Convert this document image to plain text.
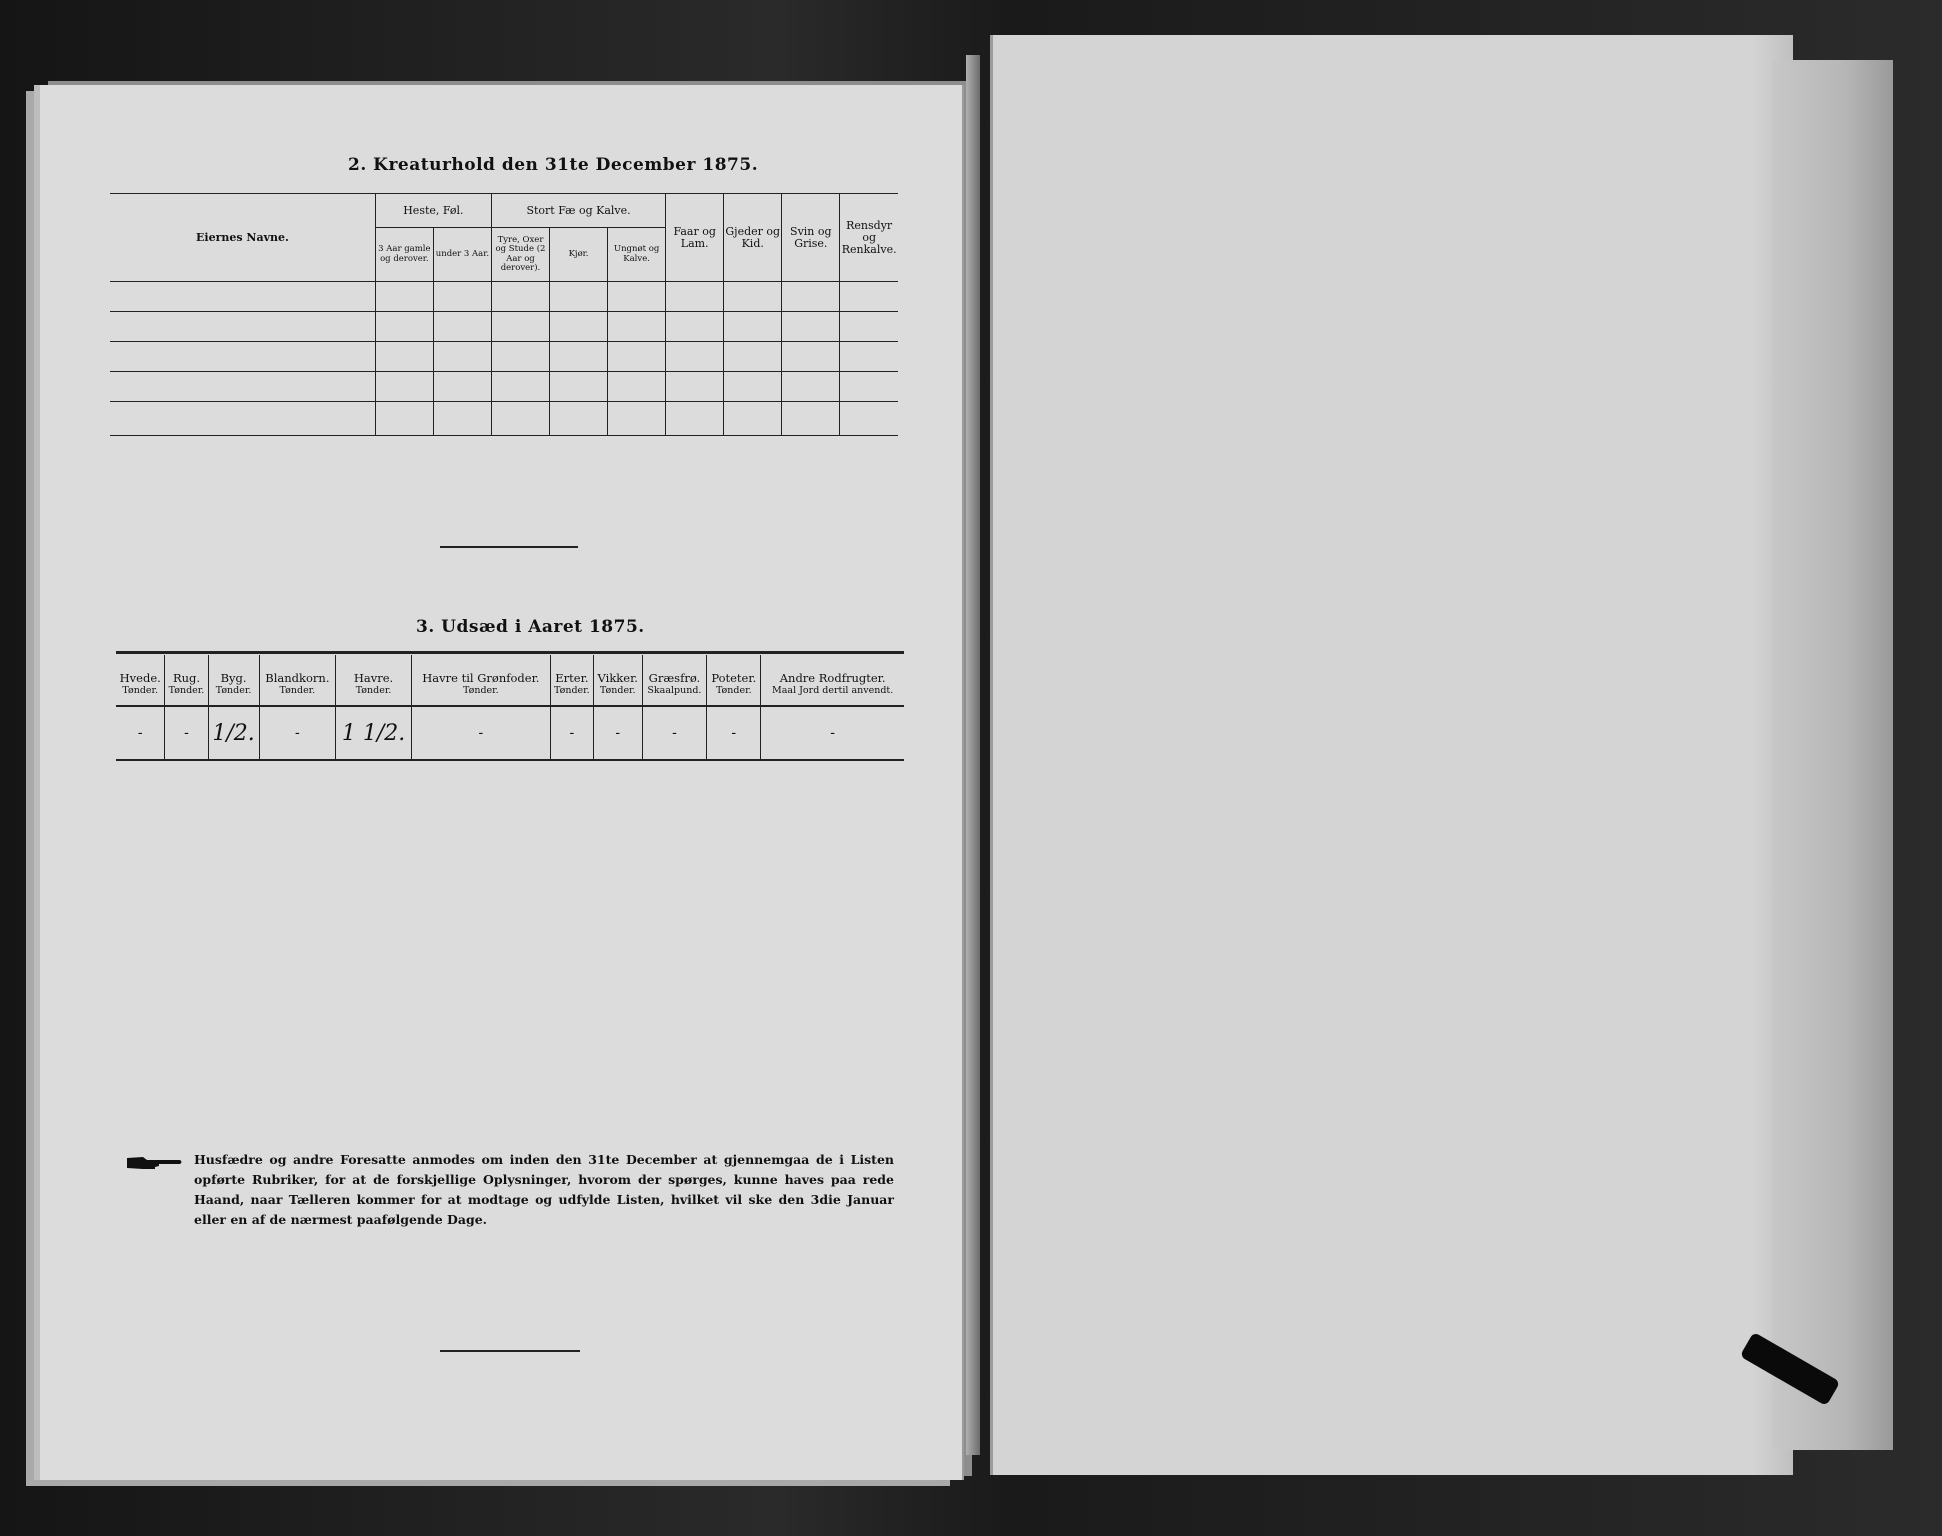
2. Kreaturhold den 31te December 1875.
Eiernes Navne.	Heste, Føl.		Stort Fæ og Kalve.			Faar og Lam.	Gjeder og Kid.	Svin og Grise.	Rensdyr og Renkalve.
	3 Aar gamle og derover.	under 3 Aar.	Tyre, Oxer og Stude (2 Aar og derover).	Kjør.	Ungnøt og Kalve.				

3. Udsæd i Aaret 1875.
Hvede.	Rug.	Byg.	Blandkorn.	Havre.	Havre til Grønfoder.	Erter.	Vikker.	Græsfrø.	Poteter.	Andre Rodfrugter.
Tønder.	Tønder.	Tønder.	Tønder.	Tønder.	Tønder.	Tønder.	Tønder.	Skaalpund.	Tønder.	Maal Jord dertil anvendt.
-	-	1/2.	-	1 1/2.	-	-	-	-	-	-
Husfædre og andre Foresatte anmodes om inden den 31te December at gjennemgaa de i Listen opførte Rubriker, for at de forskjellige Oplysninger, hvorom der spørges, kunne haves paa rede Haand, naar Tælleren kommer for at modtage og udfylde Listen, hvilket vil ske den 3die Januar eller en af de nærmest paafølgende Dage.
